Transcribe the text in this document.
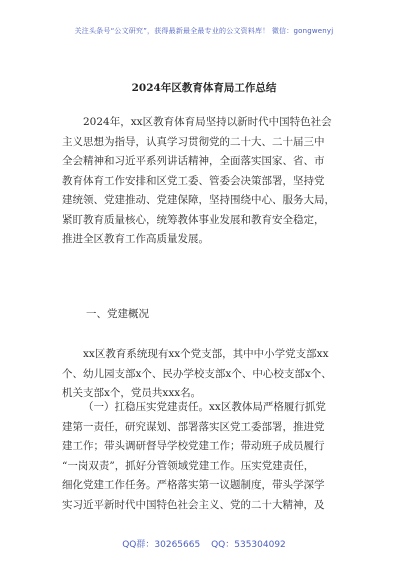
关注头条号“公文研究”，获得最新最全最专业的公文资料库！ 微信：gongwenyj
2024年区教育体育局工作总结

2024年，xx区教育体育局坚持以新时代中国特色社会
主义思想为指导，认真学习贯彻党的二十大、二十届三中
全会精神和习近平系列讲话精神，全面落实国家、省、市
教育体育工作安排和区党工委、管委会决策部署，坚持党
建统领、党建推动、党建保障，坚持围绕中心、服务大局，
紧盯教育质量核心，统筹教体事业发展和教育安全稳定，
推进全区教育工作高质量发展。

一、党建概况

xx区教育系统现有xx个党支部，其中中小学党支部xx
个、幼儿园支部x个、民办学校支部x个、中心校支部x个、
机关支部x个，党员共xxx名。

（一）扛稳压实党建责任。xx区教体局严格履行抓党
建第一责任，研究谋划、部署落实区党工委部署，推进党
建工作；带头调研督导学校党建工作；带动班子成员履行
“一岗双责”，抓好分管领域党建工作。压实党建责任，
细化党建工作任务。严格落实第一议题制度，带头学深学
实习近平新时代中国特色社会主义、党的二十大精神，及

QQ群：30265665 QQ：535304092
